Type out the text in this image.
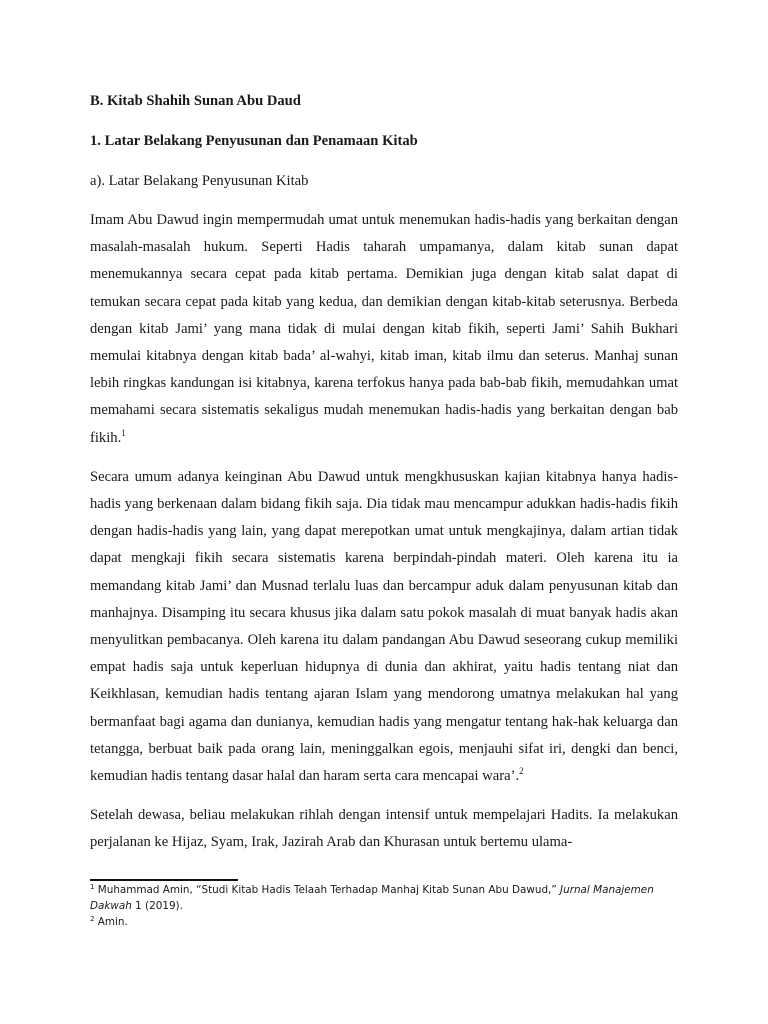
B. Kitab Shahih Sunan Abu Daud

1. Latar Belakang Penyusunan dan Penamaan Kitab

a). Latar Belakang Penyusunan Kitab

Imam Abu Dawud ingin mempermudah umat untuk menemukan hadis-hadis yang berkaitan dengan masalah-masalah hukum. Seperti Hadis taharah umpamanya, dalam kitab sunan dapat menemukannya secara cepat pada kitab pertama. Demikian juga dengan kitab salat dapat di temukan secara cepat pada kitab yang kedua, dan demikian dengan kitab-kitab seterusnya. Berbeda dengan kitab Jami’ yang mana tidak di mulai dengan kitab fikih, seperti Jami’ Sahih Bukhari memulai kitabnya dengan kitab bada’ al-wahyi, kitab iman, kitab ilmu dan seterus. Manhaj sunan lebih ringkas kandungan isi kitabnya, karena terfokus hanya pada bab-bab fikih, memudahkan umat memahami secara sistematis sekaligus mudah menemukan hadis-hadis yang berkaitan dengan bab fikih.$^1$

Secara umum adanya keinginan Abu Dawud untuk mengkhususkan kajian kitabnya hanya hadis-hadis yang berkenaan dalam bidang fikih saja. Dia tidak mau mencampur adukkan hadis-hadis fikih dengan hadis-hadis yang lain, yang dapat merepotkan umat untuk mengkajinya, dalam artian tidak dapat mengkaji fikih secara sistematis karena berpindah-pindah materi. Oleh karena itu ia memandang kitab Jami’ dan Musnad terlalu luas dan bercampur aduk dalam penyusunan kitab dan manhajnya. Disamping itu secara khusus jika dalam satu pokok masalah di muat banyak hadis akan menyulitkan pembacanya. Oleh karena itu dalam pandangan Abu Dawud seseorang cukup memiliki empat hadis saja untuk keperluan hidupnya di dunia dan akhirat, yaitu hadis tentang niat dan Keikhlasan, kemudian hadis tentang ajaran Islam yang mendorong umatnya melakukan hal yang bermanfaat bagi agama dan dunianya, kemudian hadis yang mengatur tentang hak-hak keluarga dan tetangga, berbuat baik pada orang lain, meninggalkan egois, menjauhi sifat iri, dengki dan benci, kemudian hadis tentang dasar halal dan haram serta cara mencapai wara’.$^2$

Setelah dewasa, beliau melakukan rihlah dengan intensif untuk mempelajari Hadits. Ia melakukan perjalanan ke Hijaz, Syam, Irak, Jazirah Arab dan Khurasan untuk bertemu ulama-

$^1$ Muhammad Amin, “Studi Kitab Hadis Telaah Terhadap Manhaj Kitab Sunan Abu Dawud,” Jurnal Manajemen Dakwah 1 (2019).

$^2$ Amin.
